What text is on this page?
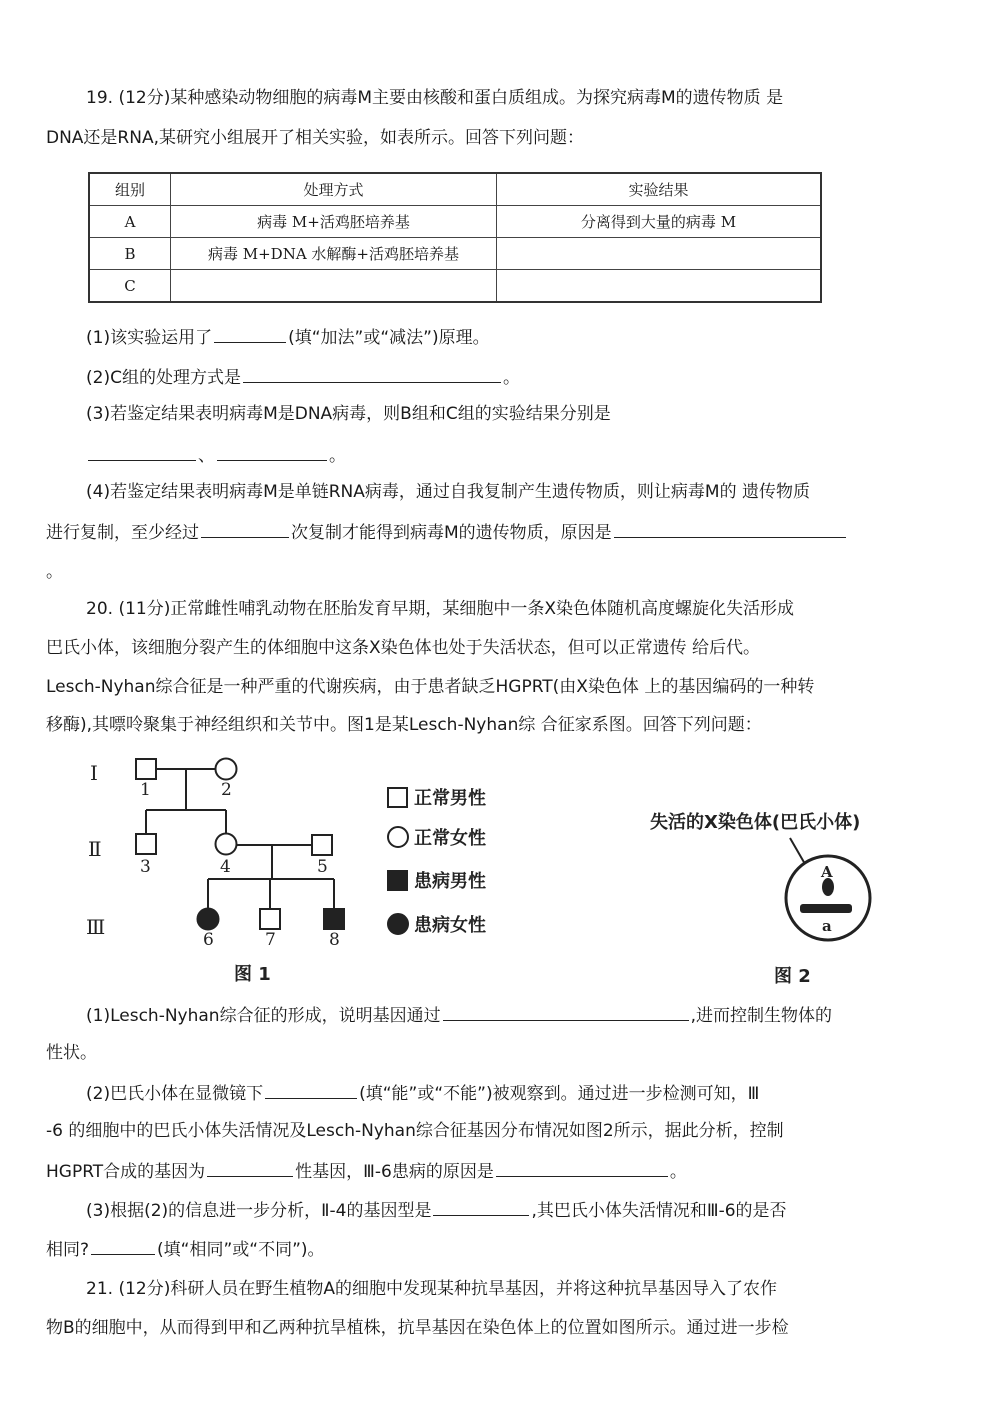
19. (12分)某种感染动物细胞的病毒M主要由核酸和蛋白质组成。为探究病毒M的遗传物质 是
DNA还是RNA,某研究小组展开了相关实验，如表所示。回答下列问题：
组别	处理方式	实验结果
A	病毒 M+活鸡胚培养基	分离得到大量的病毒 M
B	病毒 M+DNA 水解酶+活鸡胚培养基	
C		
(1)该实验运用了	(填“加法”或“减法”)原理。
(2)C组的处理方式是	。
(3)若鉴定结果表明病毒M是DNA病毒，则B组和C组的实验结果分别是
、	。
(4)若鉴定结果表明病毒M是单链RNA病毒，通过自我复制产生遗传物质，则让病毒M的 遗传物质
进行复制，至少经过	次复制才能得到病毒M的遗传物质，原因是
。
20. (11分)正常雌性哺乳动物在胚胎发育早期，某细胞中一条X染色体随机高度螺旋化失活形成
巴氏小体，该细胞分裂产生的体细胞中这条X染色体也处于失活状态，但可以正常遗传 给后代。
Lesch-Nyhan综合征是一种严重的代谢疾病，由于患者缺乏HGPRT(由X染色体 上的基因编码的一种转
移酶),其嘌呤聚集于神经组织和关节中。图1是某Lesch-Nyhan综 合征家系图。回答下列问题：
Ⅰ
Ⅱ
Ⅲ
1	2
3	4	5
6	7	8
正常男性
正常女性
患病男性
患病女性
图 1
失活的X染色体(巴氏小体)
A
a
图 2
(1)Lesch-Nyhan综合征的形成，说明基因通过	,进而控制生物体的
性状。
(2)巴氏小体在显微镜下	(填“能”或“不能”)被观察到。通过进一步检测可知，Ⅲ
-6 的细胞中的巴氏小体失活情况及Lesch-Nyhan综合征基因分布情况如图2所示，据此分析，控制
HGPRT合成的基因为	性基因，Ⅲ-6患病的原因是	。
(3)根据(2)的信息进一步分析，Ⅱ-4的基因型是	,其巴氏小体失活情况和Ⅲ-6的是否
相同?	(填“相同”或“不同”)。
21. (12分)科研人员在野生植物A的细胞中发现某种抗旱基因，并将这种抗旱基因导入了农作
物B的细胞中，从而得到甲和乙两种抗旱植株，抗旱基因在染色体上的位置如图所示。通过进一步检
